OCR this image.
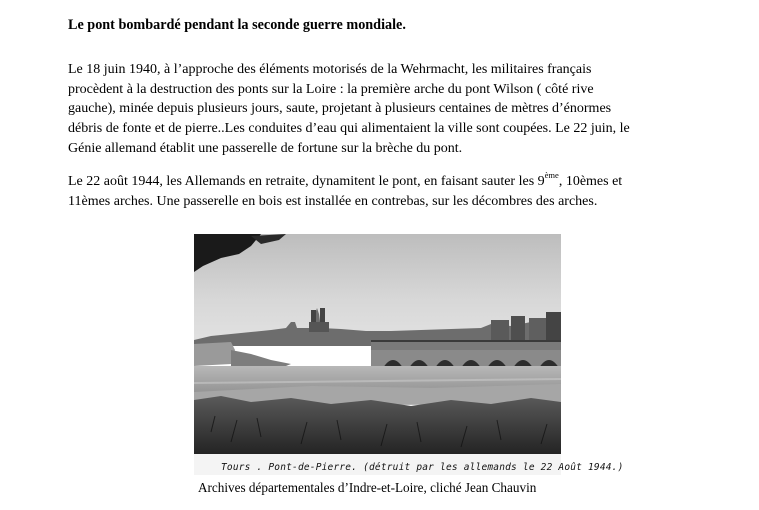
Le pont bombardé pendant la seconde guerre mondiale.
Le 18 juin 1940, à l’approche des éléments motorisés de la Wehrmacht, les militaires français
procèdent à la destruction des ponts sur la Loire : la première arche du pont Wilson ( côté rive
gauche), minée depuis plusieurs jours, saute, projetant à plusieurs centaines de mètres d’énormes
débris de fonte et de pierre..Les conduites d’eau qui alimentaient la ville sont coupées. Le 22 juin, le
Génie allemand établit une passerelle de fortune sur la brèche du pont.
Le 22 août 1944, les Allemands en retraite, dynamitent le pont, en faisant sauter les 9ème, 10èmes et
11èmes arches. Une passerelle en bois est installée en contrebas, sur les décombres des arches.
Tours . Pont-de-Pierre. (détruit par les allemands le 22 Août 1944.)
Archives départementales d’Indre-et-Loire, cliché Jean Chauvin
